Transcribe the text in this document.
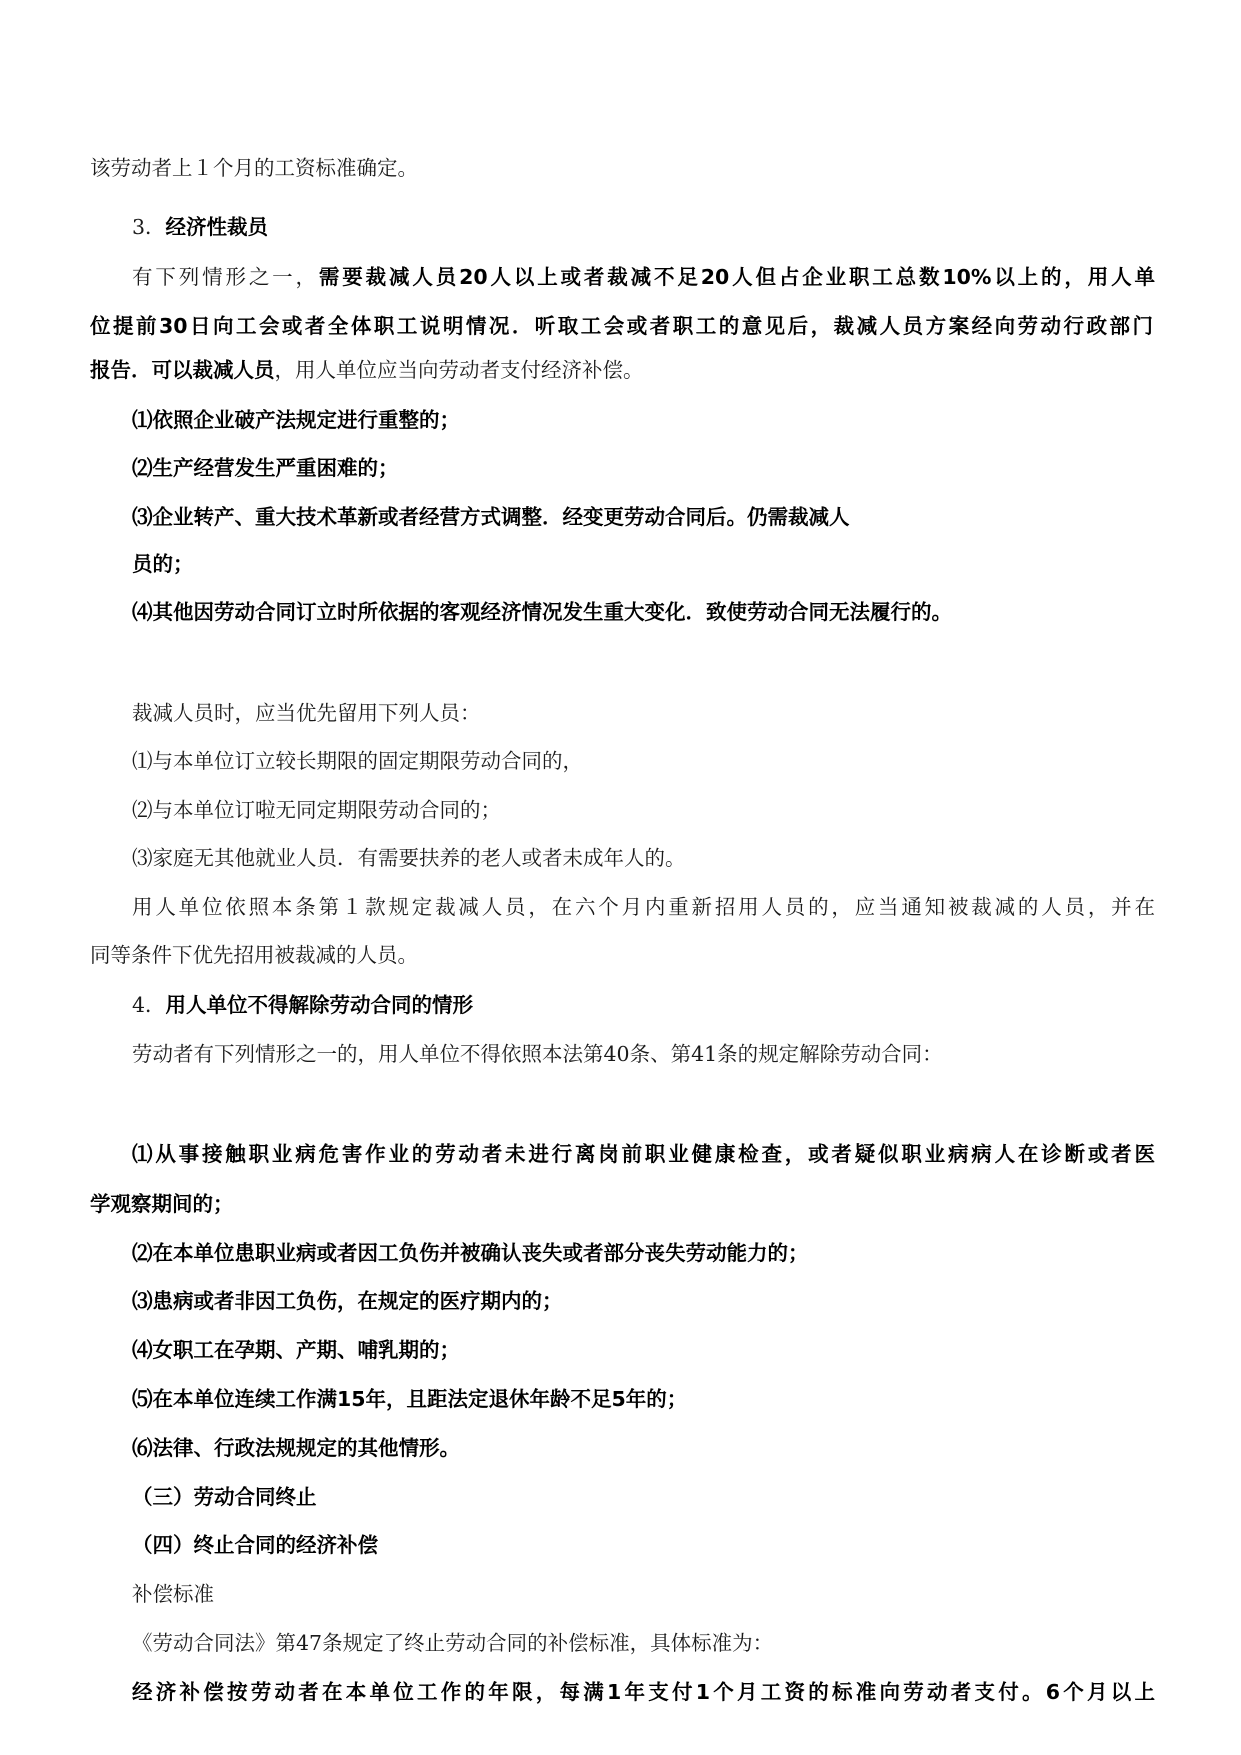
该劳动者上１个月的工资标准确定。
3．经济性裁员
有下列情形之一，需要裁减人员20人以上或者裁减不足20人但占企业职工总数10%以上的，用人单
位提前30日向工会或者全体职工说明情况．听取工会或者职工的意见后，裁减人员方案经向劳动行政部门
报告．可以裁减人员，用人单位应当向劳动者支付经济补偿。
⑴依照企业破产法规定进行重整的；
⑵生产经营发生严重困难的；
⑶企业转产、重大技术革新或者经营方式调整．经变更劳动合同后。仍需裁减人
员的；
⑷其他因劳动合同订立时所依据的客观经济情况发生重大变化．致使劳动合同无法履行的。
裁减人员时，应当优先留用下列人员：
⑴与本单位订立较长期限的固定期限劳动合同的，
⑵与本单位订啦无同定期限劳动合同的；
⑶家庭无其他就业人员．有需要扶养的老人或者未成年人的。
用人单位依照本条第１款规定裁减人员，在六个月内重新招用人员的，应当通知被裁减的人员，并在
同等条件下优先招用被裁减的人员。
4．用人单位不得解除劳动合同的情形
劳动者有下列情形之一的，用人单位不得依照本法第40条、第41条的规定解除劳动合同：
⑴从事接触职业病危害作业的劳动者未进行离岗前职业健康检查，或者疑似职业病病人在诊断或者医
学观察期间的；
⑵在本单位患职业病或者因工负伤并被确认丧失或者部分丧失劳动能力的；
⑶患病或者非因工负伤，在规定的医疗期内的；
⑷女职工在孕期、产期、哺乳期的；
⑸在本单位连续工作满15年，且距法定退休年龄不足5年的；
⑹法律、行政法规规定的其他情形。
（三）劳动合同终止
（四）终止合同的经济补偿
补偿标准
《劳动合同法》第47条规定了终止劳动合同的补偿标准，具体标准为：
经济补偿按劳动者在本单位工作的年限，每满1年支付1个月工资的标准向劳动者支付。6个月以上
